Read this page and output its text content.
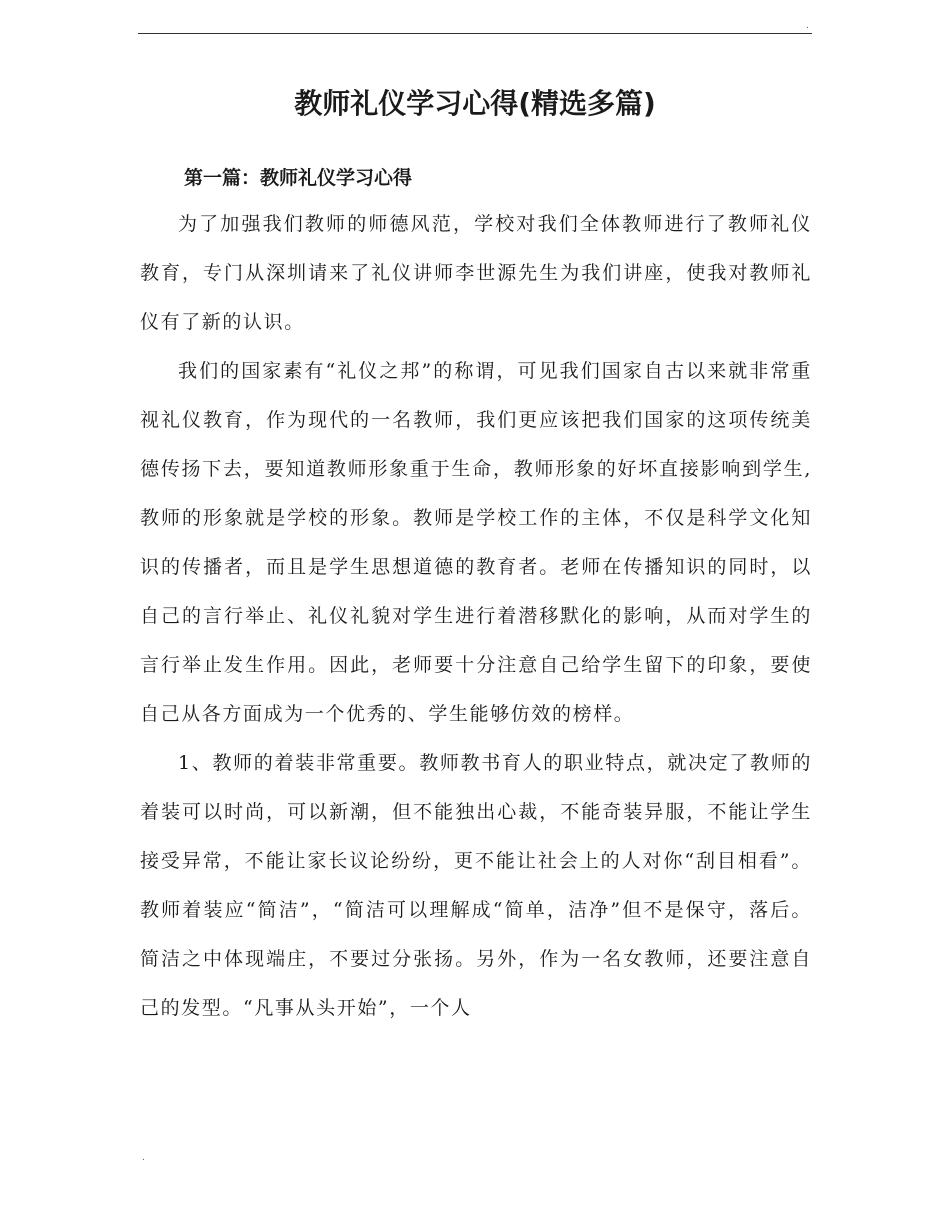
.
教师礼仪学习心得(精选多篇)
第一篇：教师礼仪学习心得

为了加强我们教师的师德风范，学校对我们全体教师进行了教师礼仪教育，专门从深圳请来了礼仪讲师李世源先生为我们讲座，使我对教师礼仪有了新的认识。

我们的国家素有“礼仪之邦”的称谓，可见我们国家自古以来就非常重视礼仪教育，作为现代的一名教师，我们更应该把我们国家的这项传统美德传扬下去，要知道教师形象重于生命，教师形象的好坏直接影响到学生,教师的形象就是学校的形象。教师是学校工作的主体，不仅是科学文化知识的传播者，而且是学生思想道德的教育者。老师在传播知识的同时，以自己的言行举止、礼仪礼貌对学生进行着潜移默化的影响，从而对学生的言行举止发生作用。因此，老师要十分注意自己给学生留下的印象，要使自己从各方面成为一个优秀的、学生能够仿效的榜样。

1、教师的着装非常重要。教师教书育人的职业特点，就决定了教师的着装可以时尚，可以新潮，但不能独出心裁，不能奇装异服，不能让学生接受异常，不能让家长议论纷纷，更不能让社会上的人对你“刮目相看”。教师着装应“简洁”，“简洁可以理解成“简单，洁净”但不是保守，落后。简洁之中体现端庄，不要过分张扬。另外，作为一名女教师，还要注意自己的发型。“凡事从头开始”，一个人

.
